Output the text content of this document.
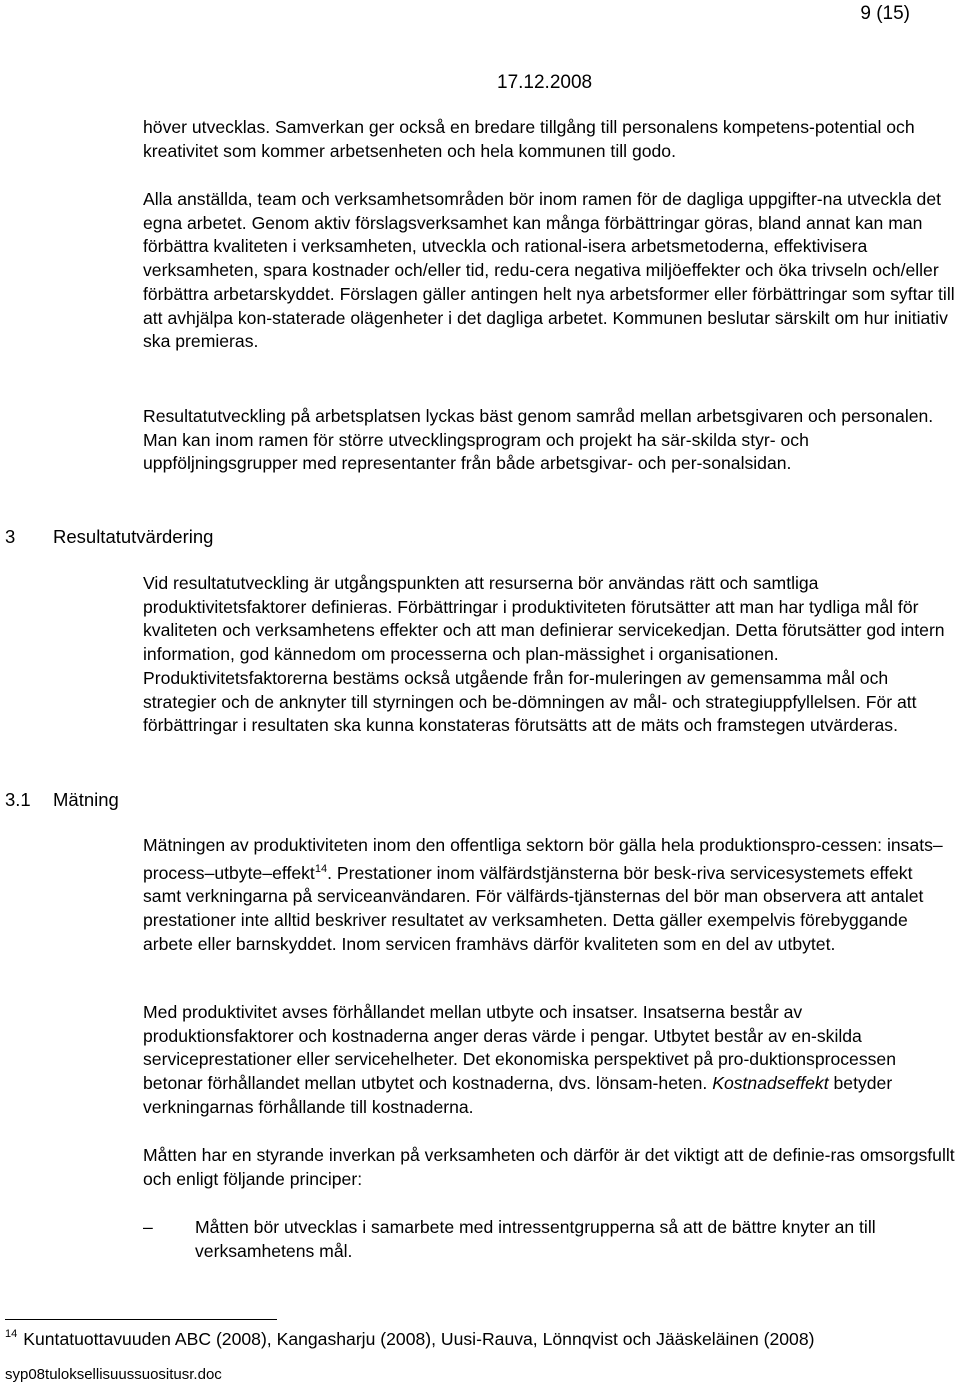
9 (15)
17.12.2008

höver utvecklas. Samverkan ger också en bredare tillgång till personalens kompetens-potential och kreativitet som kommer arbetsenheten och hela kommunen till godo.

Alla anställda, team och verksamhetsområden bör inom ramen för de dagliga uppgifter-na utveckla det egna arbetet. Genom aktiv förslagsverksamhet kan många förbättringar göras, bland annat kan man förbättra kvaliteten i verksamheten, utveckla och rational-isera arbetsmetoderna, effektivisera verksamheten, spara kostnader och/eller tid, redu-cera negativa miljöeffekter och öka trivseln och/eller förbättra arbetarskyddet. Förslagen gäller antingen helt nya arbetsformer eller förbättringar som syftar till att avhjälpa kon-staterade olägenheter i det dagliga arbetet. Kommunen beslutar särskilt om hur initiativ ska premieras.

Resultatutveckling på arbetsplatsen lyckas bäst genom samråd mellan arbetsgivaren och personalen. Man kan inom ramen för större utvecklingsprogram och projekt ha sär-skilda styr- och uppföljningsgrupper med representanter från både arbetsgivar- och per-sonalsidan.

3 Resultatutvärdering

Vid resultatutveckling är utgångspunkten att resurserna bör användas rätt och samtliga produktivitetsfaktorer definieras. Förbättringar i produktiviteten förutsätter att man har tydliga mål för kvaliteten och verksamhetens effekter och att man definierar servicekedjan. Detta förutsätter god intern information, god kännedom om processerna och plan-mässighet i organisationen. Produktivitetsfaktorerna bestäms också utgående från for-muleringen av gemensamma mål och strategier och de anknyter till styrningen och be-dömningen av mål- och strategiuppfyllelsen. För att förbättringar i resultaten ska kunna konstateras förutsätts att de mäts och framstegen utvärderas.

3.1 Mätning

Mätningen av produktiviteten inom den offentliga sektorn bör gälla hela produktionspro-cessen: insats–process–utbyte–effekt$^{14}$. Prestationer inom välfärdstjänsterna bör besk-riva servicesystemets effekt samt verkningarna på serviceanvändaren. För välfärds-tjänsternas del bör man observera att antalet prestationer inte alltid beskriver resultatet av verksamheten. Detta gäller exempelvis förebyggande arbete eller barnskyddet. Inom servicen framhävs därför kvaliteten som en del av utbytet.

Med produktivitet avses förhållandet mellan utbyte och insatser. Insatserna består av produktionsfaktorer och kostnaderna anger deras värde i pengar. Utbytet består av en-skilda serviceprestationer eller servicehelheter. Det ekonomiska perspektivet på pro-duktionsprocessen betonar förhållandet mellan utbytet och kostnaderna, dvs. lönsam-heten. Kostnadseffekt betyder verkningarnas förhållande till kostnaderna.

Måtten har en styrande inverkan på verksamheten och därför är det viktigt att de definie-ras omsorgsfullt och enligt följande principer:

– Måtten bör utvecklas i samarbete med intressentgrupperna så att de bättre knyter an till verksamhetens mål.
$^{14}$ Kuntatuottavuuden ABC (2008), Kangasharju (2008), Uusi-Rauva, Lönnqvist och Jääskeläinen (2008)
syp08tuloksellisuussuositusr.doc
